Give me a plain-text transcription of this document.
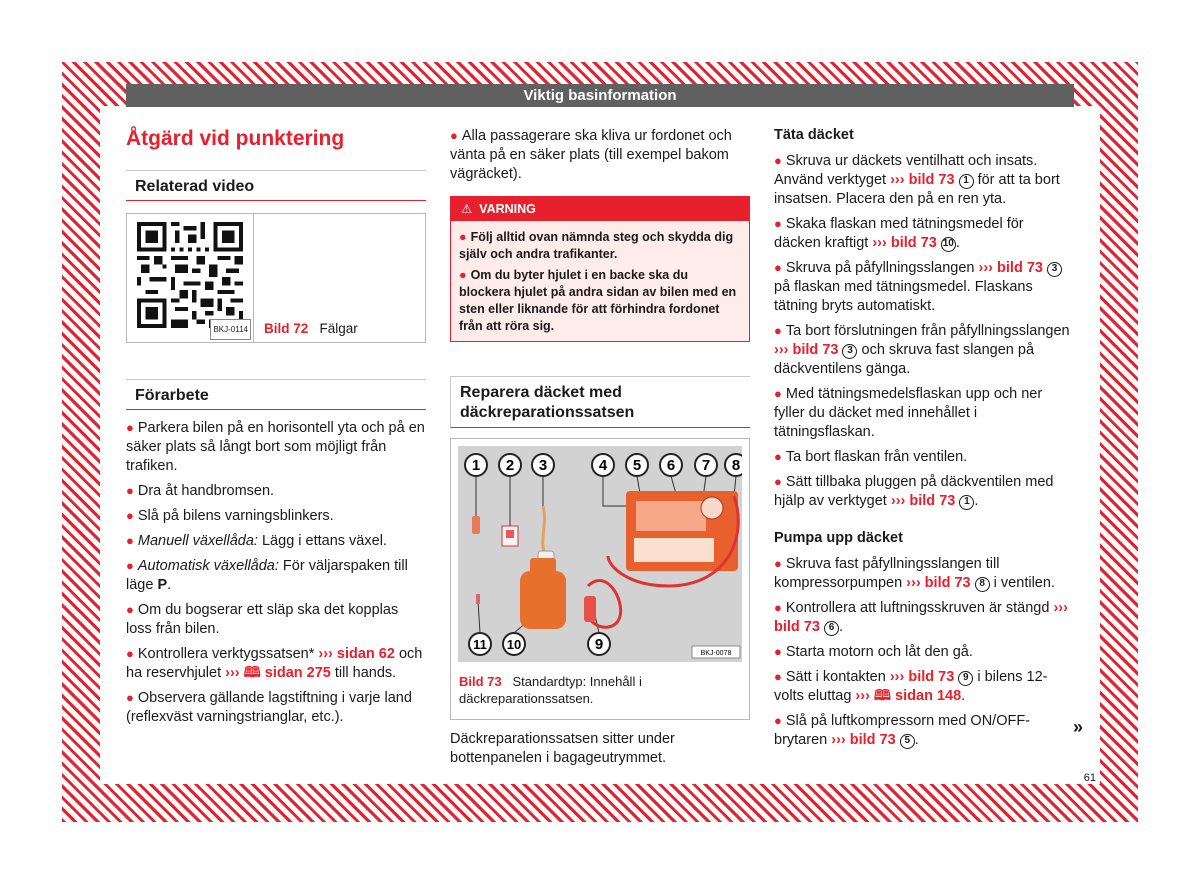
Viktig basinformation
Åtgärd vid punktering
Relaterad video
BKJ-0114 Bild 72 Fälgar
Förarbete
● Parkera bilen på en horisontell yta och på en säker plats så långt bort som möjligt från trafiken.
● Dra åt handbromsen.
● Slå på bilens varningsblinkers.
● Manuell växellåda: Lägg i ettans växel.
● Automatisk växellåda: För väljarspaken till läge P.
● Om du bogserar ett släp ska det kopplas loss från bilen.
● Kontrollera verktygssatsen* ››› sidan 62 och ha reservhjulet ››› 🕮 sidan 275 till hands.
● Observera gällande lagstiftning i varje land (reflexväst varningstrianglar, etc.).
● Alla passagerare ska kliva ur fordonet och vänta på en säker plats (till exempel bakom vägräcket).
⚠ VARNING
● Följ alltid ovan nämnda steg och skydda dig själv och andra trafikanter.
● Om du byter hjulet i en backe ska du blockera hjulet på andra sidan av bilen med en sten eller liknande för att förhindra fordonet från att röra sig.
Reparera däcket med däckreparationssatsen
1 2 3	4 5 6 7 8
11 10	9
BKJ-0078
Bild 73 Standardtyp: Innehåll i däckreparationssatsen.
Däckreparationssatsen sitter under bottenpanelen i bagageutrymmet.
Täta däcket
● Skruva ur däckets ventilhatt och insats. Använd verktyget ››› bild 73 1 för att ta bort insatsen. Placera den på en ren yta.
● Skaka flaskan med tätningsmedel för däcken kraftigt ››› bild 73 10 .
● Skruva på påfyllningsslangen ››› bild 73 3 på flaskan med tätningsmedel. Flaskans tätning bryts automatiskt.
● Ta bort förslutningen från påfyllningsslangen ››› bild 73 3 och skruva fast slangen på däckventilens gänga.
● Med tätningsmedelsflaskan upp och ner fyller du däcket med innehållet i tätningsflaskan.
● Ta bort flaskan från ventilen.
● Sätt tillbaka pluggen på däckventilen med hjälp av verktyget ››› bild 73 1 .
Pumpa upp däcket
● Skruva fast påfyllningsslangen till kompressorpumpen ››› bild 73 8 i ventilen.
● Kontrollera att luftningsskruven är stängd ››› bild 73 6 .
● Starta motorn och låt den gå.
● Sätt i kontakten ››› bild 73 9 i bilens 12-volts eluttag ››› 🕮 sidan 148.
● Slå på luftkompressorn med ON/OFF-brytaren ››› bild 73 5 .
»
61
